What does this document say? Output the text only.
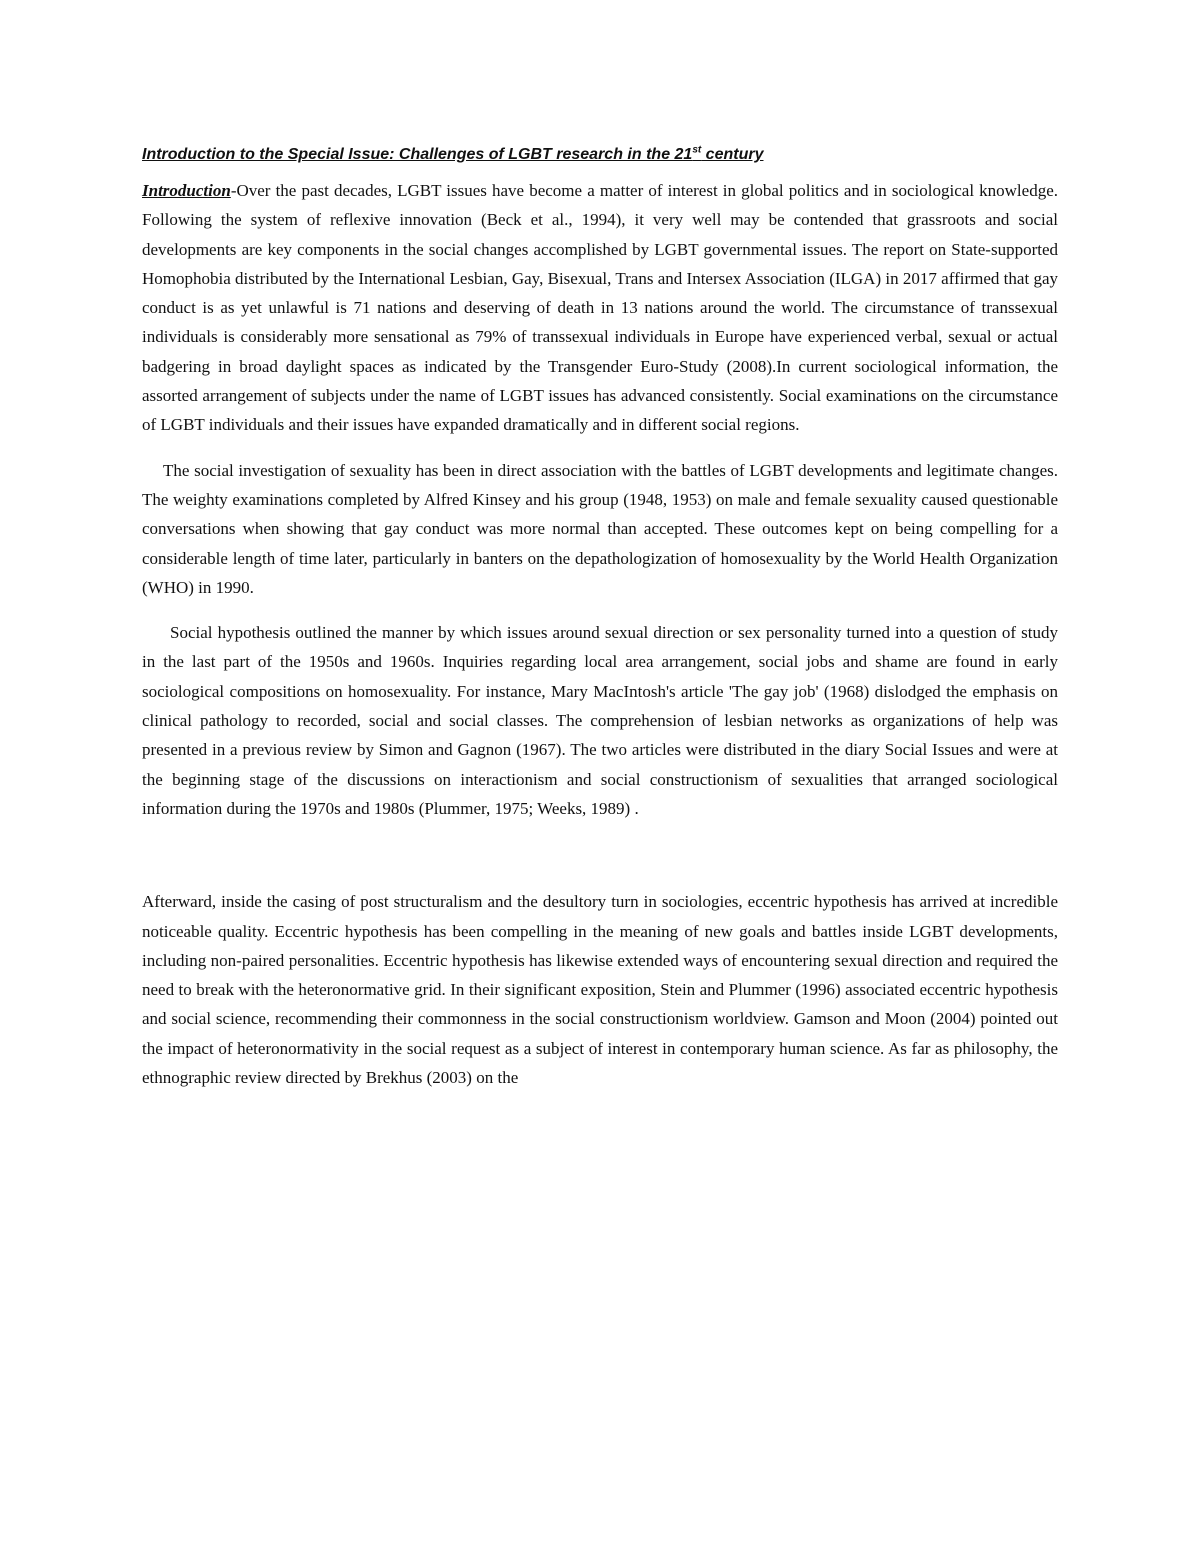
Introduction to the Special Issue: Challenges of LGBT research in the 21st century

Introduction-Over the past decades, LGBT issues have become a matter of interest in global politics and in sociological knowledge. Following the system of reflexive innovation (Beck et al., 1994), it very well may be contended that grassroots and social developments are key components in the social changes accomplished by LGBT governmental issues. The report on State-supported Homophobia distributed by the International Lesbian, Gay, Bisexual, Trans and Intersex Association (ILGA) in 2017 affirmed that gay conduct is as yet unlawful is 71 nations and deserving of death in 13 nations around the world. The circumstance of transsexual individuals is considerably more sensational as 79% of transsexual individuals in Europe have experienced verbal, sexual or actual badgering in broad daylight spaces as indicated by the Transgender Euro-Study (2008).In current sociological information, the assorted arrangement of subjects under the name of LGBT issues has advanced consistently. Social examinations on the circumstance of LGBT individuals and their issues have expanded dramatically and in different social regions.

The social investigation of sexuality has been in direct association with the battles of LGBT developments and legitimate changes. The weighty examinations completed by Alfred Kinsey and his group (1948, 1953) on male and female sexuality caused questionable conversations when showing that gay conduct was more normal than accepted. These outcomes kept on being compelling for a considerable length of time later, particularly in banters on the depathologization of homosexuality by the World Health Organization (WHO) in 1990.

Social hypothesis outlined the manner by which issues around sexual direction or sex personality turned into a question of study in the last part of the 1950s and 1960s. Inquiries regarding local area arrangement, social jobs and shame are found in early sociological compositions on homosexuality. For instance, Mary MacIntosh's article 'The gay job' (1968) dislodged the emphasis on clinical pathology to recorded, social and social classes. The comprehension of lesbian networks as organizations of help was presented in a previous review by Simon and Gagnon (1967). The two articles were distributed in the diary Social Issues and were at the beginning stage of the discussions on interactionism and social constructionism of sexualities that arranged sociological information during the 1970s and 1980s (Plummer, 1975; Weeks, 1989) .

Afterward, inside the casing of post structuralism and the desultory turn in sociologies, eccentric hypothesis has arrived at incredible noticeable quality. Eccentric hypothesis has been compelling in the meaning of new goals and battles inside LGBT developments, including non-paired personalities. Eccentric hypothesis has likewise extended ways of encountering sexual direction and required the need to break with the heteronormative grid. In their significant exposition, Stein and Plummer (1996) associated eccentric hypothesis and social science, recommending their commonness in the social constructionism worldview. Gamson and Moon (2004) pointed out the impact of heteronormativity in the social request as a subject of interest in contemporary human science. As far as philosophy, the ethnographic review directed by Brekhus (2003) on the
